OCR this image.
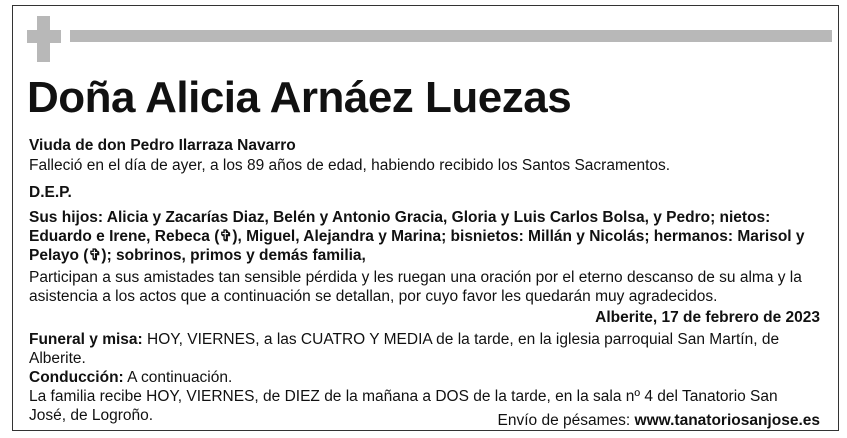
Doña Alicia Arnáez Luezas
Viuda de don Pedro Ilarraza Navarro
Falleció en el día de ayer, a los 89 años de edad, habiendo recibido los Santos Sacramentos.
D.E.P.
Sus hijos: Alicia y Zacarías Diaz, Belén y Antonio Gracia, Gloria y Luis Carlos Bolsa, y Pedro; nietos: Eduardo e Irene, Rebeca (✞), Miguel, Alejandra y Marina; bisnietos: Millán y Nicolás; hermanos: Marisol y Pelayo (✞); sobrinos, primos y demás familia,
Participan a sus amistades tan sensible pérdida y les ruegan una oración por el eterno descanso de su alma y la asistencia a los actos que a continuación se detallan, por cuyo favor les quedarán muy agradecidos.
Alberite, 17 de febrero de 2023
Funeral y misa: HOY, VIERNES, a las CUATRO Y MEDIA de la tarde, en la iglesia parroquial San Martín, de Alberite.
Conducción: A continuación.
La familia recibe HOY, VIERNES, de DIEZ de la mañana a DOS de la tarde, en la sala nº 4 del Tanatorio San José, de Logroño.	Envío de pésames: www.tanatoriosanjose.es
